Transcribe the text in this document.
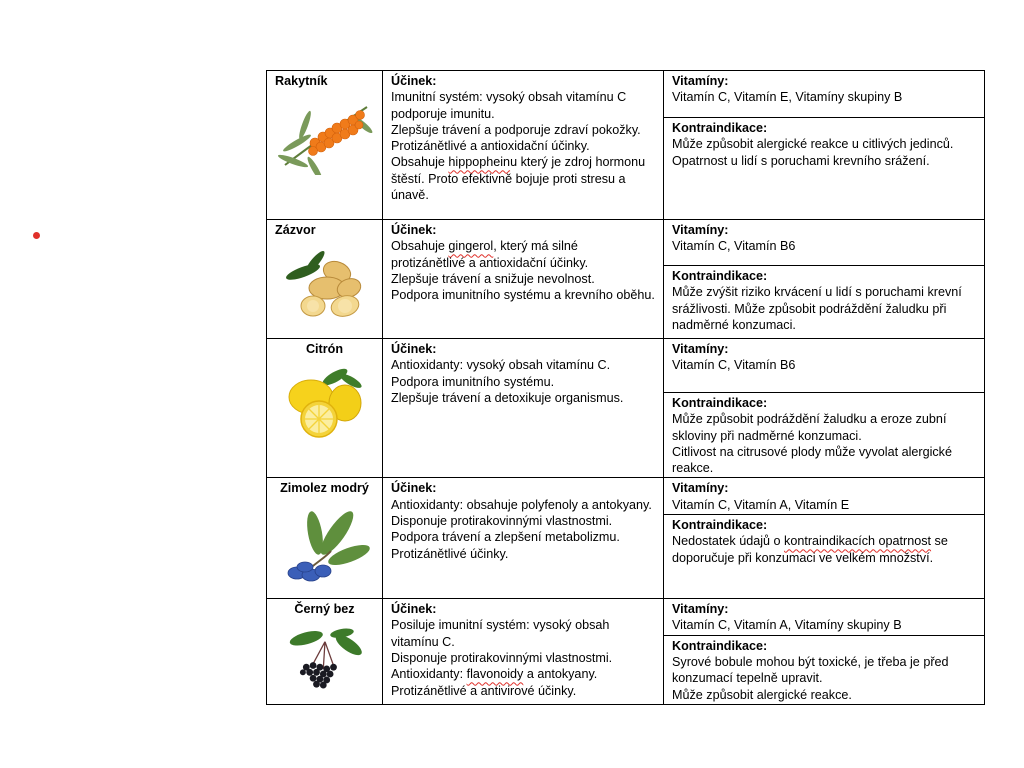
Rakytník	Účinek:
Imunitní systém: vysoký obsah vitamínu C podporuje imunitu.
Zlepšuje trávení a podporuje zdraví pokožky.
Protizánětlivé a antioxidační účinky.
Obsahuje hippopheinu který je zdroj hormonu štěstí. Proto efektivně bojuje proti stresu a únavě.	Vitamíny:
Vitamín C, Vitamín E, Vitamíny skupiny B

		Kontraindikace:
Může způsobit alergické reakce u citlivých jedinců. Opatrnost u lidí s poruchami krevního srážení.

Zázvor	Účinek:
Obsahuje gingerol, který má silné protizánětlivé a antioxidační účinky.
Zlepšuje trávení a snižuje nevolnost.
Podpora imunitního systému a krevního oběhu.	Vitamíny:
Vitamín C, Vitamín B6

		Kontraindikace:
Může zvýšit riziko krvácení u lidí s poruchami krevní srážlivosti. Může způsobit podráždění žaludku při nadměrné konzumaci.

Citrón	Účinek:
Antioxidanty: vysoký obsah vitamínu C.
Podpora imunitního systému.
Zlepšuje trávení a detoxikuje organismus.	Vitamíny:
Vitamín C, Vitamín B6

		Kontraindikace:
Může způsobit podráždění žaludku a eroze zubní skloviny při nadměrné konzumaci.
Citlivost na citrusové plody může vyvolat alergické reakce.

Zimolez modrý	Účinek:
Antioxidanty: obsahuje polyfenoly a antokyany.
Disponuje protirakovinnými vlastnostmi.
Podpora trávení a zlepšení metabolizmu.
Protizánětlivé účinky.	Vitamíny:
Vitamín C, Vitamín A, Vitamín E

		Kontraindikace:
Nedostatek údajů o kontraindikacích opatrnost se doporučuje při konzumaci ve velkém množství.

Černý bez	Účinek:
Posiluje imunitní systém: vysoký obsah vitamínu C.
Disponuje protirakovinnými vlastnostmi.
Antioxidanty: flavonoidy a antokyany.
Protizánětlivé a antivirové účinky.	Vitamíny:
Vitamín C, Vitamín A, Vitamíny skupiny B

		Kontraindikace:
Syrové bobule mohou být toxické, je třeba je před konzumací tepelně upravit.
Může způsobit alergické reakce.
